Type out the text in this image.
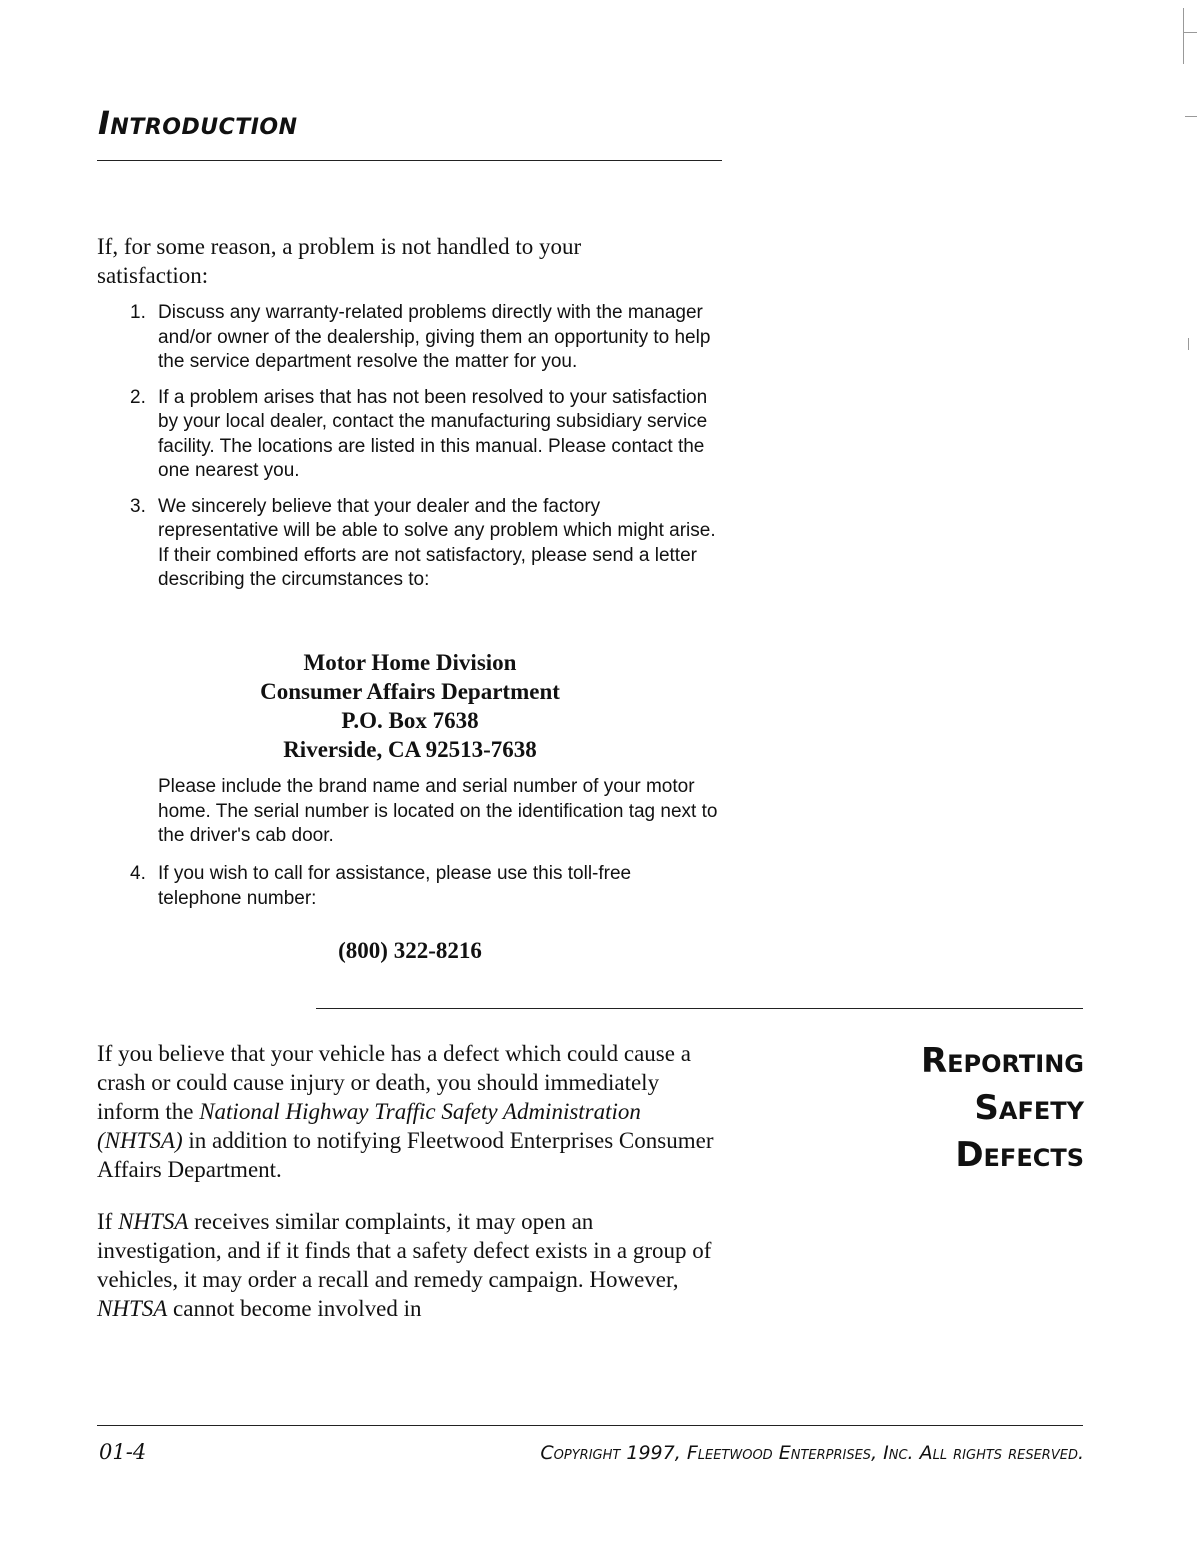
Introduction

If, for some reason, a problem is not handled to your satisfaction:

1. Discuss any warranty-related problems directly with the manager and/or owner of the dealership, giving them an opportunity to help the service department resolve the matter for you.
2. If a problem arises that has not been resolved to your satisfaction by your local dealer, contact the manufacturing subsidiary service facility. The locations are listed in this manual. Please contact the one nearest you.
3. We sincerely believe that your dealer and the factory representative will be able to solve any problem which might arise. If their combined efforts are not satisfactory, please send a letter describing the circumstances to:
Motor Home Division
Consumer Affairs Department
P.O. Box 7638
Riverside, CA 92513-7638

Please include the brand name and serial number of your motor home. The serial number is located on the identification tag next to the driver's cab door.

4. If you wish to call for assistance, please use this toll-free telephone number:

(800) 322-8216

If you believe that your vehicle has a defect which could cause a crash or could cause injury or death, you should immediately inform the National Highway Traffic Safety Administration (NHTSA) in addition to notifying Fleetwood Enterprises Consumer Affairs Department.

Reporting
Safety
Defects

If NHTSA receives similar complaints, it may open an investigation, and if it finds that a safety defect exists in a group of vehicles, it may order a recall and remedy campaign. However, NHTSA cannot become involved in

01-4	Copyright 1997, Fleetwood Enterprises, Inc. All rights reserved.
